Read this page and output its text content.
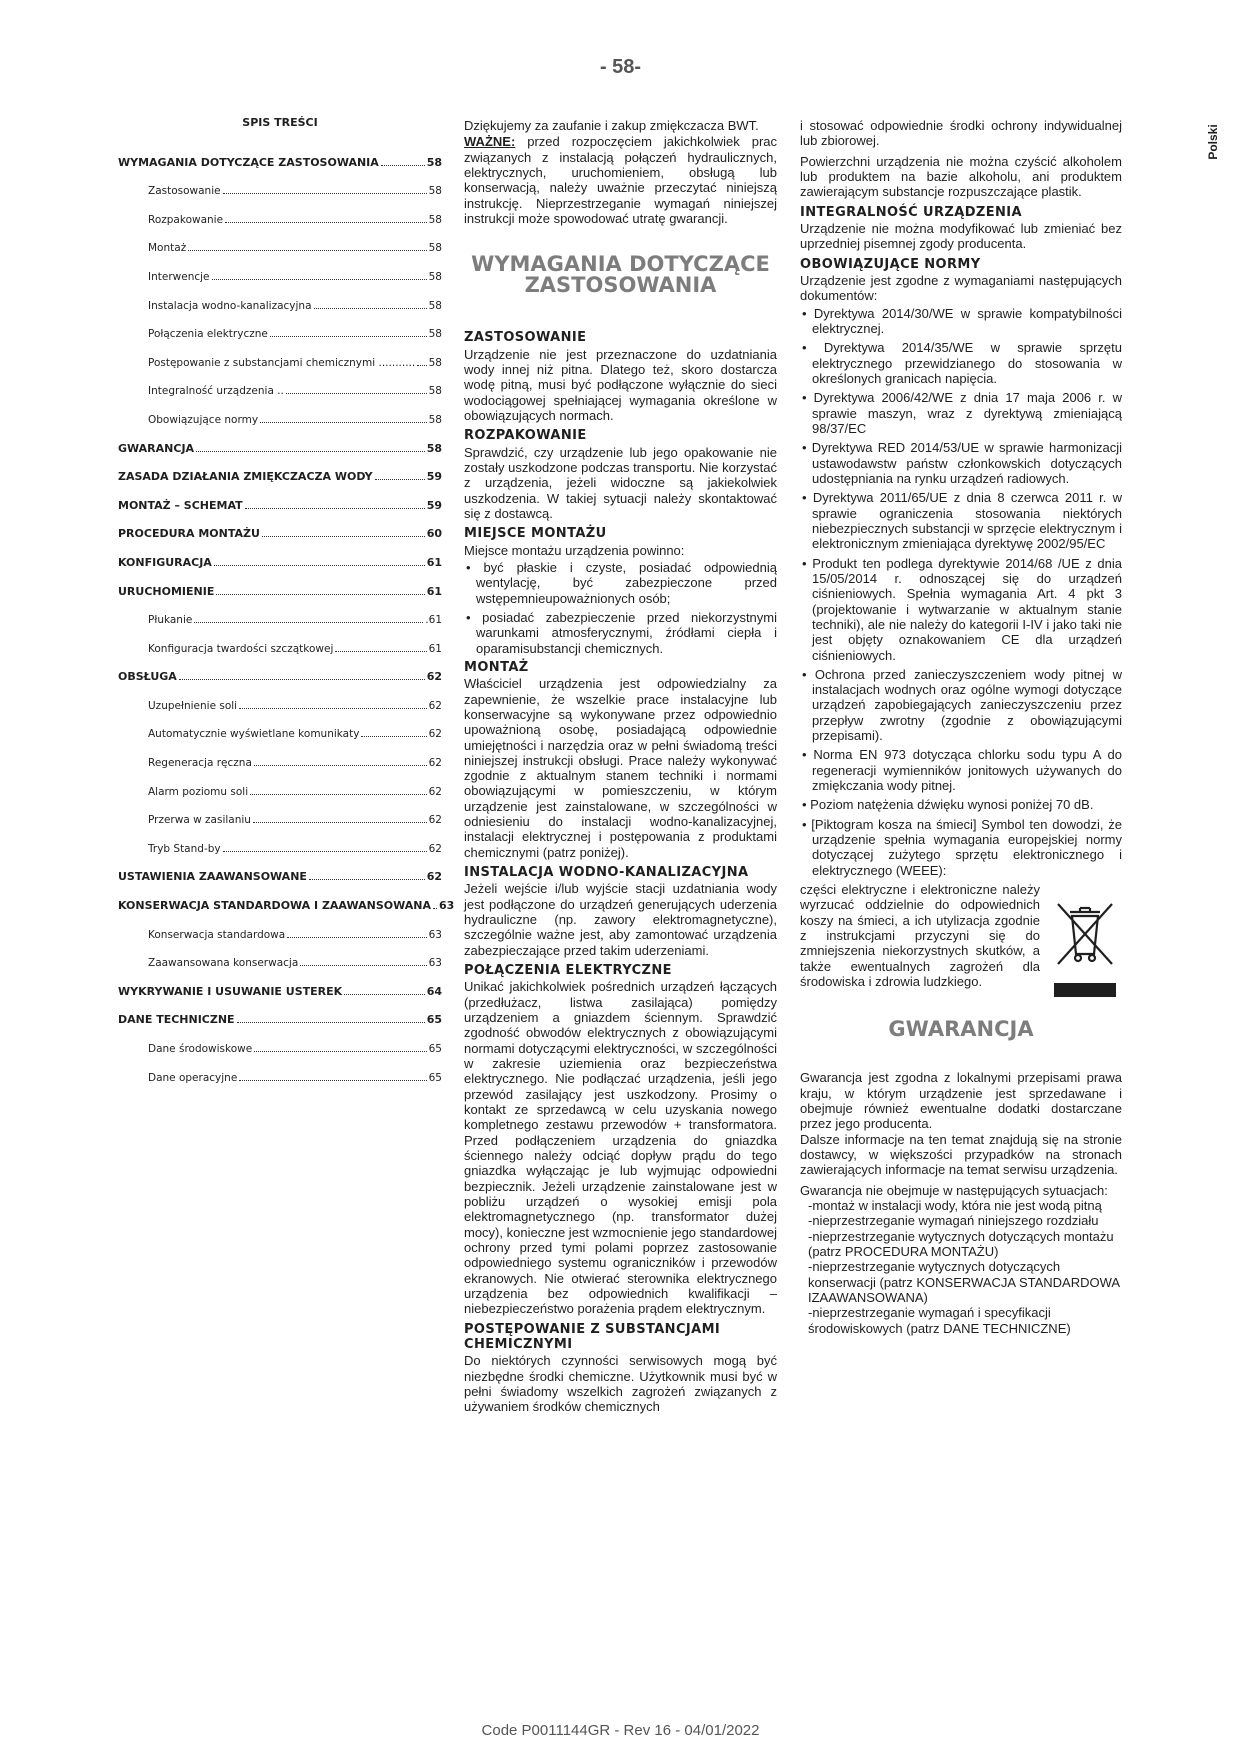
- 58-
Polski
SPIS TREŚCI
WYMAGANIA DOTYCZĄCE ZASTOSOWANIA	58
Zastosowanie	58
Rozpakowanie	58
Montaż	58
Interwencje	58
Instalacja wodno-kanalizacyjna	58
Połączenia elektryczne	58
Postępowanie z substancjami chemicznymi ........... 58
Integralność urządzenia ..	58
Obowiązujące normy	58
GWARANCJA	58
ZASADA DZIAŁANIA ZMIĘKCZACZA WODY	59
MONTAŻ – SCHEMAT	59
PROCEDURA MONTAŻU	60
KONFIGURACJA	61
URUCHOMIENIE	61
Płukanie	.61
Konfiguracja twardości szczątkowej	61
OBSŁUGA	62
Uzupełnienie soli	62
Automatycznie wyświetlane komunikaty	62
Regeneracja ręczna	62
Alarm poziomu soli	62
Przerwa w zasilaniu	62
Tryb Stand-by	62
USTAWIENIA ZAAWANSOWANE	62
KONSERWACJA STANDARDOWA I ZAAWANSOWANA 63
Konserwacja standardowa	63
Zaawansowana konserwacja	63
WYKRYWANIE I USUWANIE USTEREK	64
DANE TECHNICZNE	65
Dane środowiskowe	65
Dane operacyjne	65

Dziękujemy za zaufanie i zakup zmiękczacza BWT.

WAŻNE: przed rozpoczęciem jakichkolwiek prac związanych z instalacją połączeń hydraulicznych, elektrycznych, uruchomieniem, obsługą lub konserwacją, należy uważnie przeczytać niniejszą instrukcję. Nieprzestrzeganie wymagań niniejszej instrukcji może spowodować utratę gwarancji.

WYMAGANIA DOTYCZĄCE
ZASTOSOWANIA
ZASTOSOWANIE

Urządzenie nie jest przeznaczone do uzdatniania wody innej niż pitna. Dlatego też, skoro dostarcza wodę pitną, musi być podłączone wyłącznie do sieci wodociągowej spełniającej wymagania określone w obowiązujących normach.

ROZPAKOWANIE

Sprawdzić, czy urządzenie lub jego opakowanie nie zostały uszkodzone podczas transportu. Nie korzystać z urządzenia, jeżeli widoczne są jakiekolwiek uszkodzenia. W takiej sytuacji należy skontaktować się z dostawcą.

MIEJSCE MONTAŻU

Miejsce montażu urządzenia powinno:

• być płaskie i czyste, posiadać odpowiednią wentylację, być zabezpieczone przed wstępemnieupoważnionych osób;

• posiadać zabezpieczenie przed niekorzystnymi warunkami atmosferycznymi, źródłami ciepła i oparamisubstancji chemicznych.

MONTAŻ

Właściciel urządzenia jest odpowiedzialny za zapewnienie, że wszelkie prace instalacyjne lub konserwacyjne są wykonywane przez odpowiednio upoważnioną osobę, posiadającą odpowiednie umiejętności i narzędzia oraz w pełni świadomą treści niniejszej instrukcji obsługi. Prace należy wykonywać zgodnie z aktualnym stanem techniki i normami obowiązującymi w pomieszczeniu, w którym urządzenie jest zainstalowane, w szczególności w odniesieniu do instalacji wodno-kanalizacyjnej, instalacji elektrycznej i postępowania z produktami chemicznymi (patrz poniżej).

INSTALACJA WODNO-KANALIZACYJNA

Jeżeli wejście i/lub wyjście stacji uzdatniania wody jest podłączone do urządzeń generujących uderzenia hydrauliczne (np. zawory elektromagnetyczne), szczególnie ważne jest, aby zamontować urządzenia zabezpieczające przed takim uderzeniami.

POŁĄCZENIA ELEKTRYCZNE

Unikać jakichkolwiek pośrednich urządzeń łączących (przedłużacz, listwa zasilająca) pomiędzy urządzeniem a gniazdem ściennym. Sprawdzić zgodność obwodów elektrycznych z obowiązującymi normami dotyczącymi elektryczności, w szczególności w zakresie uziemienia oraz bezpieczeństwa elektrycznego. Nie podłączać urządzenia, jeśli jego przewód zasilający jest uszkodzony. Prosimy o kontakt ze sprzedawcą w celu uzyskania nowego kompletnego zestawu przewodów + transformatora. Przed podłączeniem urządzenia do gniazdka ściennego należy odciąć dopływ prądu do tego gniazdka wyłączając je lub wyjmując odpowiedni bezpiecznik. Jeżeli urządzenie zainstalowane jest w pobliżu urządzeń o wysokiej emisji pola elektromagnetycznego (np. transformator dużej mocy), konieczne jest wzmocnienie jego standardowej ochrony przed tymi polami poprzez zastosowanie odpowiedniego systemu ograniczników i przewodów ekranowych. Nie otwierać sterownika elektrycznego urządzenia bez odpowiednich kwalifikacji – niebezpieczeństwo porażenia prądem elektrycznym.

POSTĘPOWANIE Z SUBSTANCJAMI CHEMICZNYMI

Do niektórych czynności serwisowych mogą być niezbędne środki chemiczne. Użytkownik musi być w pełni świadomy wszelkich zagrożeń związanych z używaniem środków chemicznych

i stosować odpowiednie środki ochrony indywidualnej lub zbiorowej.

Powierzchni urządzenia nie można czyścić alkoholem lub produktem na bazie alkoholu, ani produktem zawierającym substancje rozpuszczające plastik.

INTEGRALNOŚĆ URZĄDZENIA

Urządzenie nie można modyfikować lub zmieniać bez uprzedniej pisemnej zgody producenta.

OBOWIĄZUJĄCE NORMY

Urządzenie jest zgodne z wymaganiami następujących dokumentów:

• Dyrektywa 2014/30/WE w sprawie kompatybilności elektrycznej.

• Dyrektywa 2014/35/WE w sprawie sprzętu elektrycznego przewidzianego do stosowania w określonych granicach napięcia.

• Dyrektywa 2006/42/WE z dnia 17 maja 2006 r. w sprawie maszyn, wraz z dyrektywą zmieniającą 98/37/EC

• Dyrektywa RED 2014/53/UE w sprawie harmonizacji ustawodawstw państw członkowskich dotyczących udostępniania na rynku urządzeń radiowych.

• Dyrektywa 2011/65/UE z dnia 8 czerwca 2011 r. w sprawie ograniczenia stosowania niektórych niebezpiecznych substancji w sprzęcie elektrycznym i elektronicznym zmieniająca dyrektywę 2002/95/EC

• Produkt ten podlega dyrektywie 2014/68 /UE z dnia 15/05/2014 r. odnoszącej się do urządzeń ciśnieniowych. Spełnia wymagania Art. 4 pkt 3 (projektowanie i wytwarzanie w aktualnym stanie techniki), ale nie należy do kategorii I-IV i jako taki nie jest objęty oznakowaniem CE dla urządzeń ciśnieniowych.

• Ochrona przed zanieczyszczeniem wody pitnej w instalacjach wodnych oraz ogólne wymogi dotyczące urządzeń zapobiegających zanieczyszczeniu przez przepływ zwrotny (zgodnie z obowiązującymi przepisami).

• Norma EN 973 dotycząca chlorku sodu typu A do regeneracji wymienników jonitowych używanych do zmiękczania wody pitnej.

• Poziom natężenia dźwięku wynosi poniżej 70 dB.

• [Piktogram kosza na śmieci] Symbol ten dowodzi, że urządzenie spełnia wymagania europejskiej normy dotyczącej zużytego sprzętu elektronicznego i elektrycznego (WEEE):

części elektryczne i elektroniczne należy wyrzucać oddzielnie do odpowiednich koszy na śmieci, a ich utylizacja zgodnie z instrukcjami przyczyni się do zmniejszenia niekorzystnych skutków, a także ewentualnych zagrożeń dla środowiska i zdrowia ludzkiego.
GWARANCJA

Gwarancja jest zgodna z lokalnymi przepisami prawa kraju, w którym urządzenie jest sprzedawane i obejmuje również ewentualne dodatki dostarczane przez jego producenta.

Dalsze informacje na ten temat znajdują się na stronie dostawcy, w większości przypadków na stronach zawierających informacje na temat serwisu urządzenia.

Gwarancja nie obejmuje w następujących sytuacjach:

-montaż w instalacji wody, która nie jest wodą pitną

-nieprzestrzeganie wymagań niniejszego rozdziału

-nieprzestrzeganie wytycznych dotyczących montażu (patrz PROCEDURA MONTAŻU)

-nieprzestrzeganie wytycznych dotyczących konserwacji (patrz KONSERWACJA STANDARDOWA IZAAWANSOWANA)

-nieprzestrzeganie wymagań i specyfikacji środowiskowych (patrz DANE TECHNICZNE)

Code P0011144GR - Rev 16 - 04/01/2022
